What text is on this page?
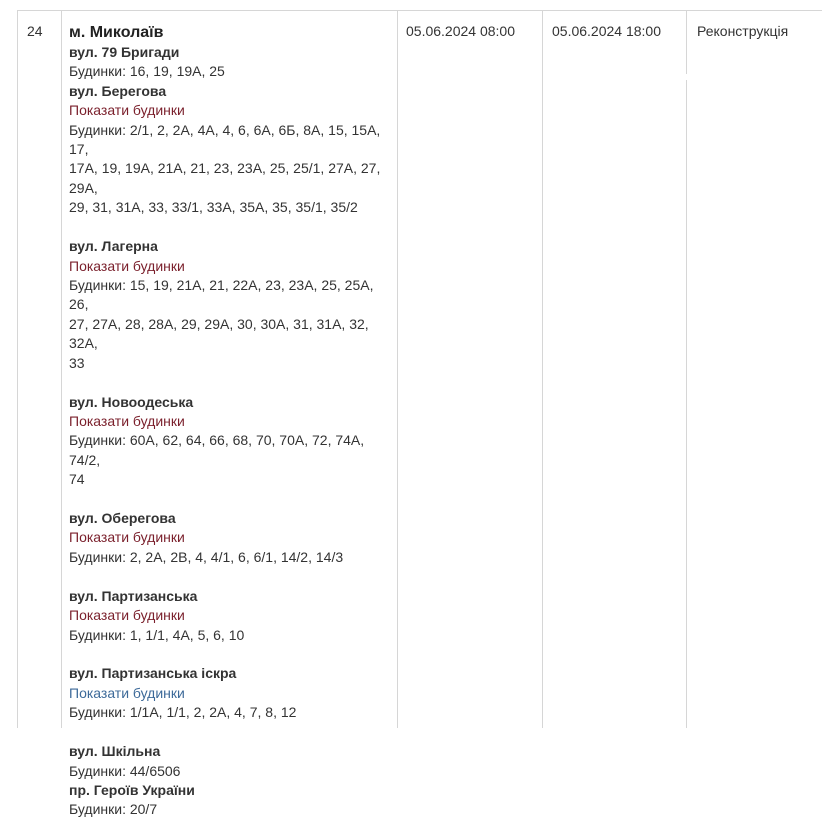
24 м. Миколаїв
вул. 79 Бригади
Будинки: 16, 19, 19А, 25
вул. Берегова
Показати будинки
Будинки: 2/1, 2, 2А, 4А, 4, 6, 6А, 6Б, 8А, 15, 15А, 17,
17А, 19, 19А, 21А, 21, 23, 23А, 25, 25/1, 27А, 27, 29А,
29, 31, 31А, 33, 33/1, 33А, 35А, 35, 35/1, 35/2
вул. Лагерна
Показати будинки
Будинки: 15, 19, 21А, 21, 22А, 23, 23А, 25, 25А, 26,
27, 27А, 28, 28А, 29, 29А, 30, 30А, 31, 31А, 32, 32А,
33
вул. Новоодеська
Показати будинки
Будинки: 60А, 62, 64, 66, 68, 70, 70А, 72, 74А, 74/2,
74
вул. Оберегова
Показати будинки
Будинки: 2, 2А, 2В, 4, 4/1, 6, 6/1, 14/2, 14/3
вул. Партизанська
Показати будинки
Будинки: 1, 1/1, 4А, 5, 6, 10
вул. Партизанська іскра
Показати будинки
Будинки: 1/1А, 1/1, 2, 2А, 4, 7, 8, 12
вул. Шкільна
Будинки: 44/6506
пр. Героїв України
Будинки: 20/7
05.06.2024 08:00	05.06.2024 18:00	Реконструкція
